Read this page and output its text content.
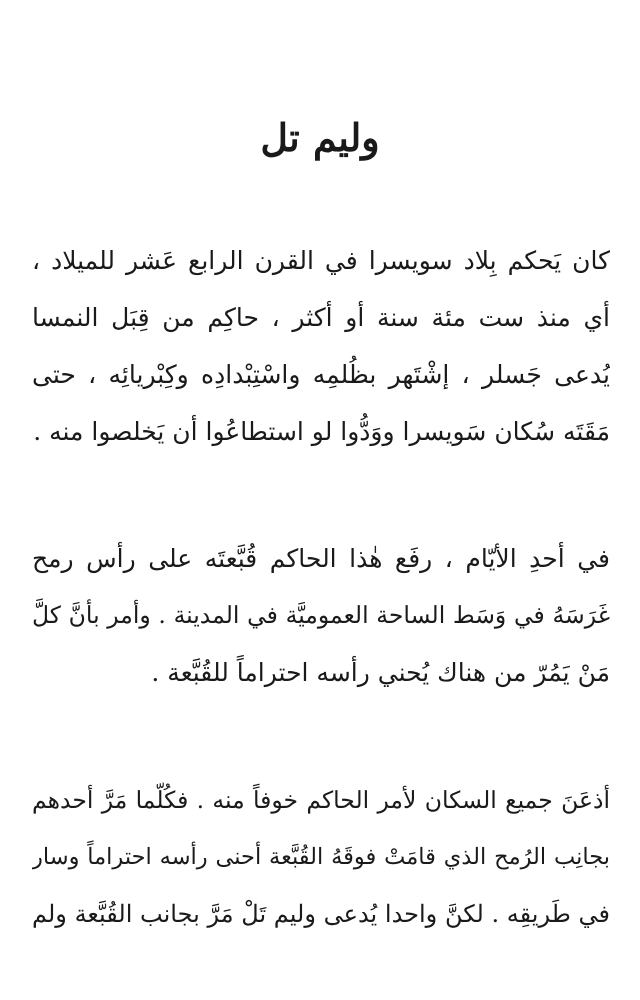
وليم تل
كان يَحكم بِلاد سويسرا في القرن الرابع عَشر للميلاد ،
أي منذ ست مئة سنة أو أكثر ، حاكِم من قِبَل النمسا
يُدعى جَسلر ، إشْتَهر بظُلمِه واسْتِبْدادِه وكِبْريائِه ، حتى
مَقَتَه سُكان سَويسرا ووَدُّوا لو استطاعُوا أن يَخلصوا منه .
في أحدِ الأيّام ، رفَع هٰذا الحاكم قُبَّعتَه على رأس رمح
غَرَسَهُ في وَسَط الساحة العموميَّة في المدينة . وأمر بأنَّ كلَّ
مَنْ يَمُرّ من هناك يُحني رأسه احتراماً للقُبَّعة .
أذعَنَ جميع السكان لأمر الحاكم خوفاً منه . فكُلّما مَرَّ أحدهم
بجانِب الرُمح الذي قامَتْ فوقَهُ القُبَّعة أحنى رأسه احتراماً وسار
في طَريقِه . لكنَّ واحدا يُدعى وليم تَلْ مَرَّ بجانب القُبَّعة ولم
